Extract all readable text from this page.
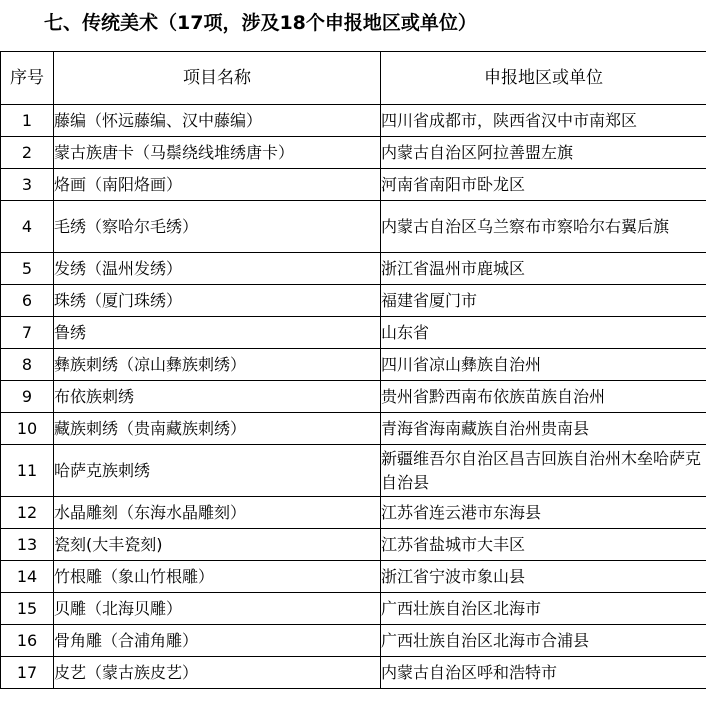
七、传统美术（17项，涉及18个申报地区或单位）
序号	项目名称	申报地区或单位
1	藤编（怀远藤编、汉中藤编）	四川省成都市，陕西省汉中市南郑区
2	蒙古族唐卡（马鬃绕线堆绣唐卡）	内蒙古自治区阿拉善盟左旗
3	烙画（南阳烙画）	河南省南阳市卧龙区
4	毛绣（察哈尔毛绣）	内蒙古自治区乌兰察布市察哈尔右翼后旗
5	发绣（温州发绣）	浙江省温州市鹿城区
6	珠绣（厦门珠绣）	福建省厦门市
7	鲁绣	山东省
8	彝族刺绣（凉山彝族刺绣）	四川省凉山彝族自治州
9	布依族刺绣	贵州省黔西南布依族苗族自治州
10	藏族刺绣（贵南藏族刺绣）	青海省海南藏族自治州贵南县
11	哈萨克族刺绣	新疆维吾尔自治区昌吉回族自治州木垒哈萨克自治县
12	水晶雕刻（东海水晶雕刻）	江苏省连云港市东海县
13	瓷刻(大丰瓷刻)	江苏省盐城市大丰区
14	竹根雕（象山竹根雕）	浙江省宁波市象山县
15	贝雕（北海贝雕）	广西壮族自治区北海市
16	骨角雕（合浦角雕）	广西壮族自治区北海市合浦县
17	皮艺（蒙古族皮艺）	内蒙古自治区呼和浩特市
